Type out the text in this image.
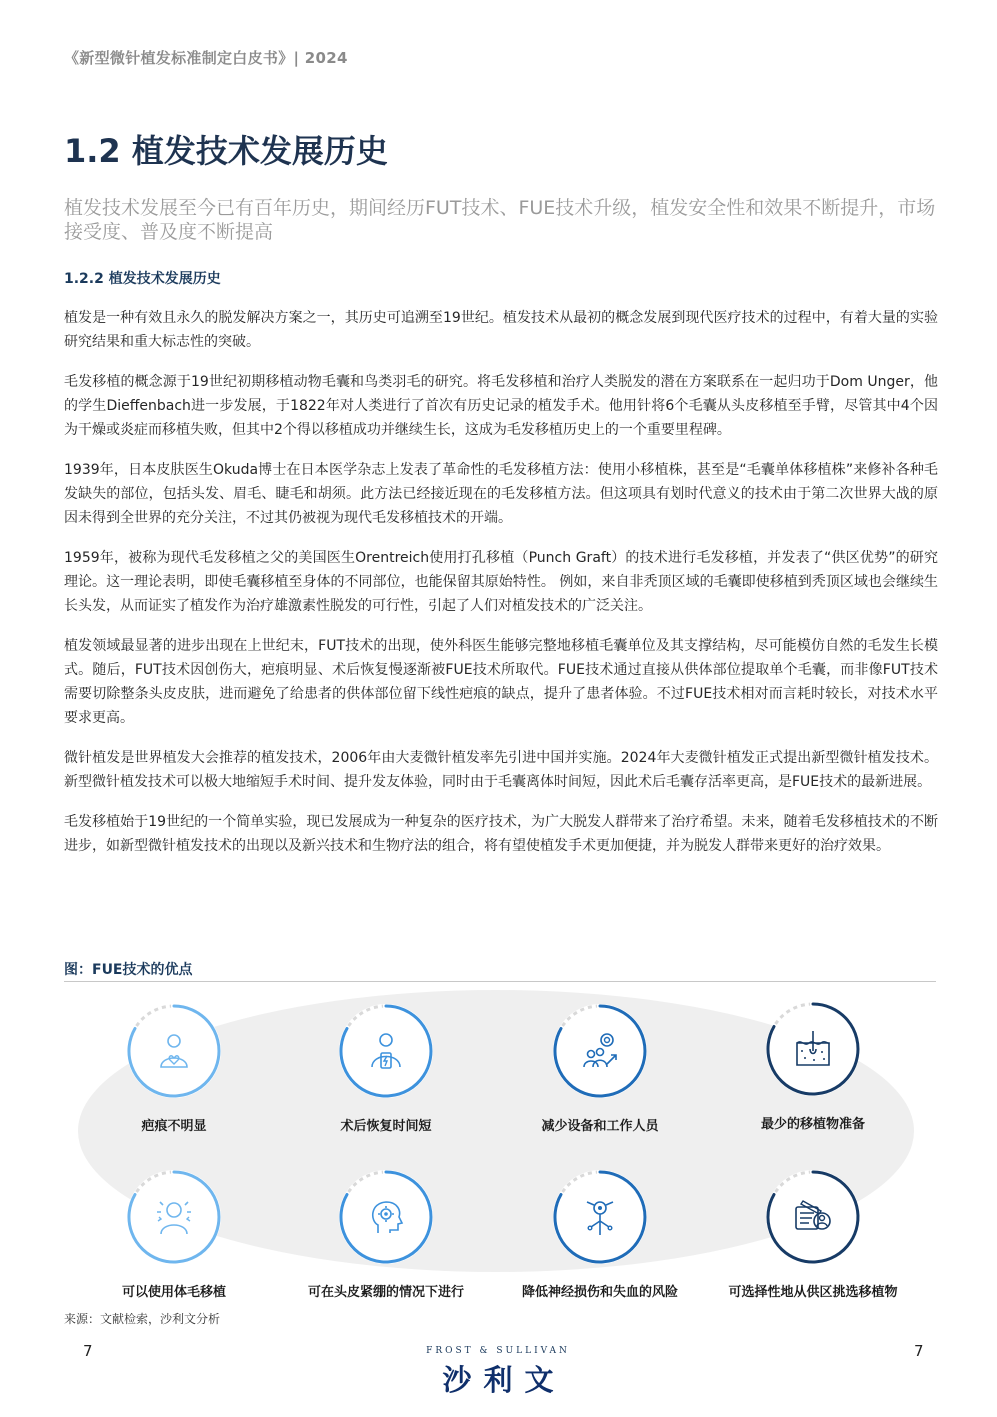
《新型微针植发标准制定白皮书》| 2024
1.2 植发技术发展历史
植发技术发展至今已有百年历史，期间经历FUT技术、FUE技术升级，植发安全性和效果不断提升，市场接受度、普及度不断提高
1.2.2 植发技术发展历史

植发是一种有效且永久的脱发解决方案之一，其历史可追溯至19世纪。植发技术从最初的概念发展到现代医疗技术的过程中，有着大量的实验研究结果和重大标志性的突破。

毛发移植的概念源于19世纪初期移植动物毛囊和鸟类羽毛的研究。将毛发移植和治疗人类脱发的潜在方案联系在一起归功于Dom Unger，他的学生Dieffenbach进一步发展，于1822年对人类进行了首次有历史记录的植发手术。他用针将6个毛囊从头皮移植至手臂，尽管其中4个因为干燥或炎症而移植失败，但其中2个得以移植成功并继续生长，这成为毛发移植历史上的一个重要里程碑。

1939年，日本皮肤医生Okuda博士在日本医学杂志上发表了革命性的毛发移植方法：使用小移植株，甚至是“毛囊单体移植株”来修补各种毛发缺失的部位，包括头发、眉毛、睫毛和胡须。此方法已经接近现在的毛发移植方法。但这项具有划时代意义的技术由于第二次世界大战的原因未得到全世界的充分关注，不过其仍被视为现代毛发移植技术的开端。

1959年，被称为现代毛发移植之父的美国医生Orentreich使用打孔移植（Punch Graft）的技术进行毛发移植，并发表了“供区优势”的研究理论。这一理论表明，即使毛囊移植至身体的不同部位，也能保留其原始特性。 例如，来自非秃顶区域的毛囊即使移植到秃顶区域也会继续生长头发，从而证实了植发作为治疗雄激素性脱发的可行性，引起了人们对植发技术的广泛关注。

植发领域最显著的进步出现在上世纪末，FUT技术的出现，使外科医生能够完整地移植毛囊单位及其支撑结构，尽可能模仿自然的毛发生长模式。随后，FUT技术因创伤大，疤痕明显、术后恢复慢逐渐被FUE技术所取代。FUE技术通过直接从供体部位提取单个毛囊，而非像FUT技术需要切除整条头皮皮肤，进而避免了给患者的供体部位留下线性疤痕的缺点，提升了患者体验。不过FUE技术相对而言耗时较长，对技术水平要求更高。

微针植发是世界植发大会推荐的植发技术，2006年由大麦微针植发率先引进中国并实施。2024年大麦微针植发正式提出新型微针植发技术。新型微针植发技术可以极大地缩短手术时间、提升发友体验，同时由于毛囊离体时间短，因此术后毛囊存活率更高，是FUE技术的最新进展。

毛发移植始于19世纪的一个简单实验，现已发展成为一种复杂的医疗技术，为广大脱发人群带来了治疗希望。未来，随着毛发移植技术的不断进步，如新型微针植发技术的出现以及新兴技术和生物疗法的组合，将有望使植发手术更加便捷，并为脱发人群带来更好的治疗效果。

图：FUE技术的优点
疤痕不明显	术后恢复时间短	减少设备和工作人员	最少的移植物准备
可以使用体毛移植	可在头皮紧绷的情况下进行	降低神经损伤和失血的风险	可选择性地从供区挑选移植物
来源：文献检索，沙利文分析
7	7
FROST & SULLIVAN
沙利文
